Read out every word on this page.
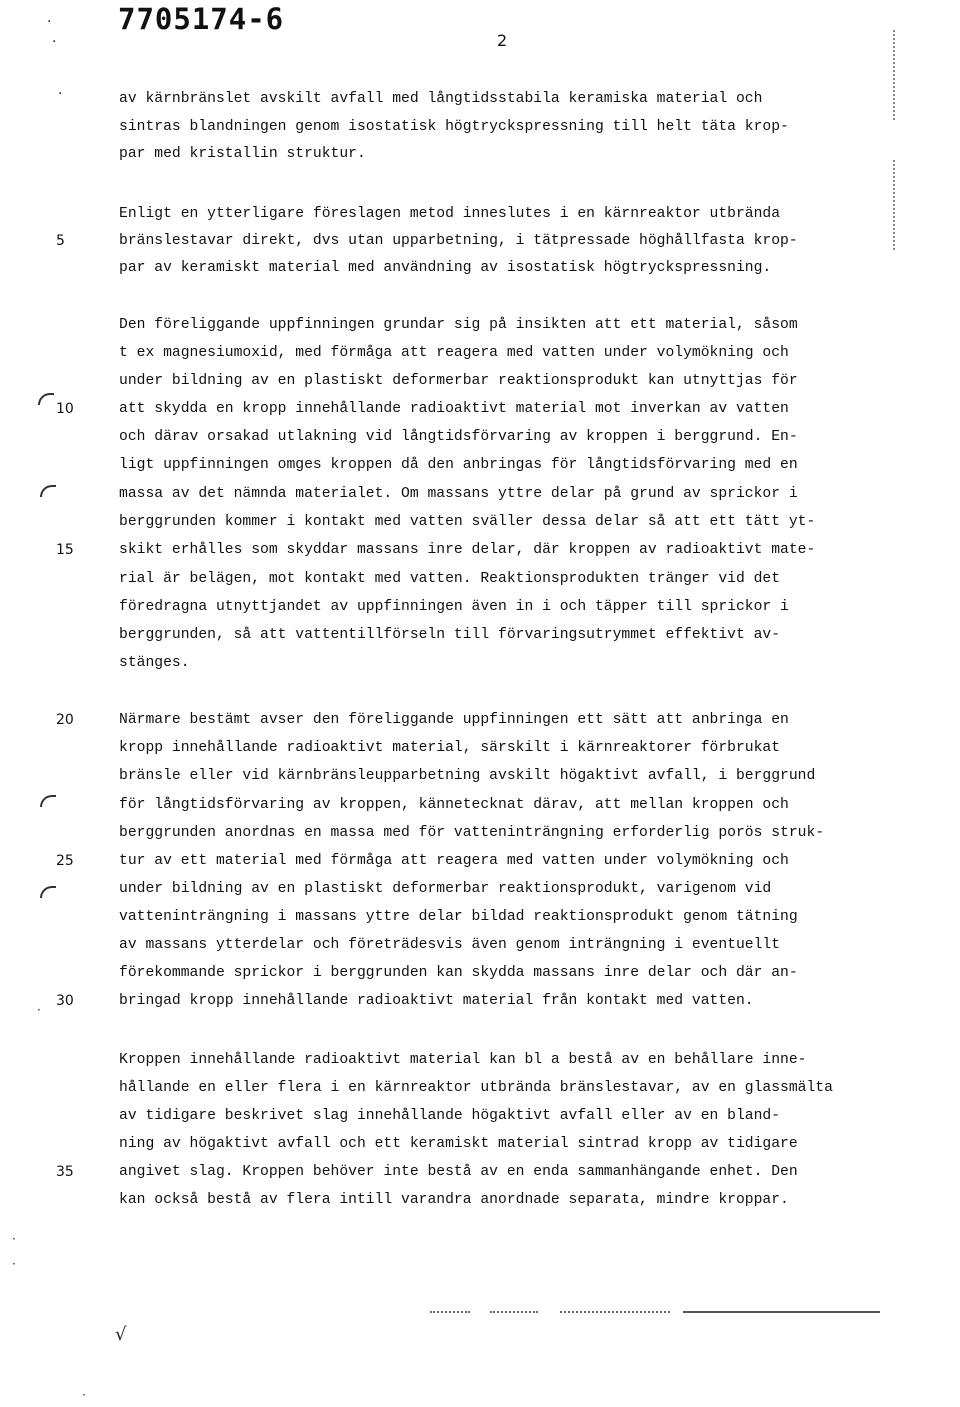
7705174-6
2
·
·
·	av kärnbränslet avskilt avfall med långtidsstabila keramiska material och
sintras blandningen genom isostatisk högtryckspressning till helt täta krop-
par med kristallin struktur.
Enligt en ytterligare föreslagen metod inneslutes i en kärnreaktor utbrända
bränslestavar direkt, dvs utan upparbetning, i tätpressade höghållfasta krop-
par av keramiskt material med användning av isostatisk högtryckspressning.
Den föreliggande uppfinningen grundar sig på insikten att ett material, såsom
t ex magnesiumoxid, med förmåga att reagera med vatten under volymökning och
under bildning av en plastiskt deformerbar reaktionsprodukt kan utnyttjas för
att skydda en kropp innehållande radioaktivt material mot inverkan av vatten
och därav orsakad utlakning vid långtidsförvaring av kroppen i berggrund. En-
ligt uppfinningen omges kroppen då den anbringas för långtidsförvaring med en
massa av det nämnda materialet. Om massans yttre delar på grund av sprickor i
berggrunden kommer i kontakt med vatten sväller dessa delar så att ett tätt yt-
skikt erhålles som skyddar massans inre delar, där kroppen av radioaktivt mate-
rial är belägen, mot kontakt med vatten. Reaktionsprodukten tränger vid det
föredragna utnyttjandet av uppfinningen även in i och täpper till sprickor i
berggrunden, så att vattentillförseln till förvaringsutrymmet effektivt av-
stänges.
Närmare bestämt avser den föreliggande uppfinningen ett sätt att anbringa en
kropp innehållande radioaktivt material, särskilt i kärnreaktorer förbrukat
bränsle eller vid kärnbränsleupparbetning avskilt högaktivt avfall, i berggrund
för långtidsförvaring av kroppen, kännetecknat därav, att mellan kroppen och
berggrunden anordnas en massa med för vatteninträngning erforderlig porös struk-
tur av ett material med förmåga att reagera med vatten under volymökning och
under bildning av en plastiskt deformerbar reaktionsprodukt, varigenom vid
vatteninträngning i massans yttre delar bildad reaktionsprodukt genom tätning
av massans ytterdelar och företrädesvis även genom inträngning i eventuellt
förekommande sprickor i berggrunden kan skydda massans inre delar och där an-
bringad kropp innehållande radioaktivt material från kontakt med vatten.
Kroppen innehållande radioaktivt material kan bl a bestå av en behållare inne-
hållande en eller flera i en kärnreaktor utbrända bränslestavar, av en glassmälta
av tidigare beskrivet slag innehållande högaktivt avfall eller av en bland-
ning av högaktivt avfall och ett keramiskt material sintrad kropp av tidigare
angivet slag. Kroppen behöver inte bestå av en enda sammanhängande enhet. Den
kan också bestå av flera intill varandra anordnade separata, mindre kroppar.
5
10
15
20
25
30
35
√
·
·
·
·
